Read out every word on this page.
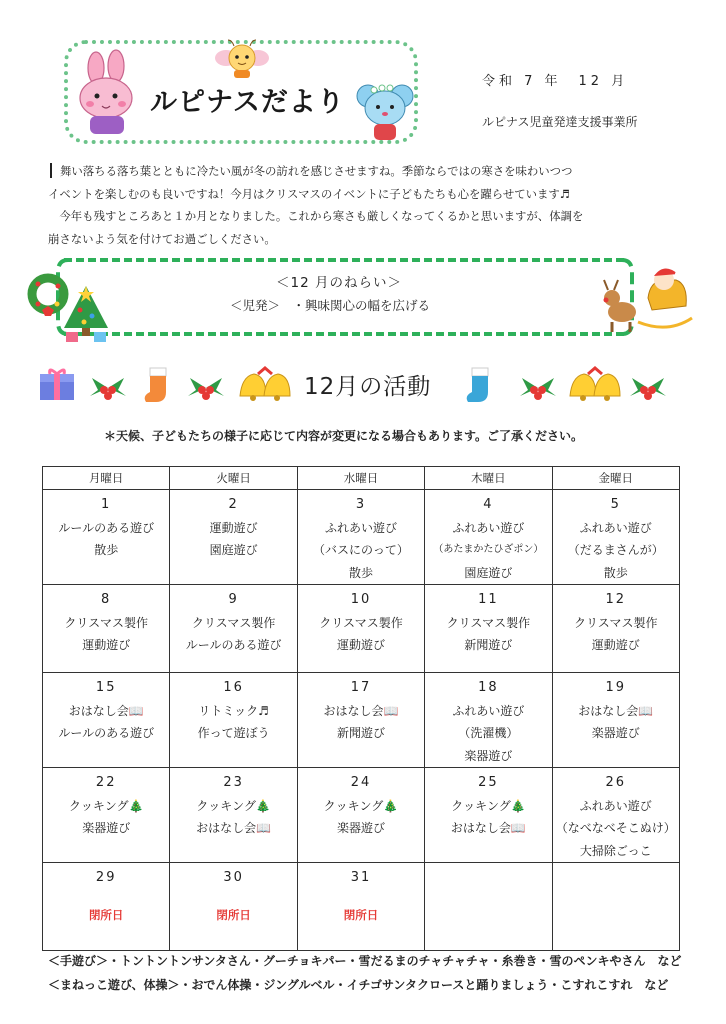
ルピナスだより
令和 7 年　12 月
ルピナス児童発達支援事業所

舞い落ちる落ち葉とともに冷たい風が冬の訪れを感じさせますね。季節ならではの寒さを味わいつつ

イベントを楽しむのも良いですね！今月はクリスマスのイベントに子どもたちも心を躍らせています♬

　今年も残すところあと１か月となりました。これから寒さも厳しくなってくるかと思いますが、体調を

崩さないよう気を付けてお過ごしください。

＜12 月のねらい＞
＜児発＞　・興味関心の幅を広げる
12月の活動
＊天候、子どもたちの様子に応じて内容が変更になる場合もあります。ご了承ください。
月曜日	火曜日	水曜日	木曜日	金曜日

1
ルールのある遊び
散歩	2
運動遊び
園庭遊び	3
ふれあい遊び
（バスにのって）
散歩	4
ふれあい遊び
（あたまかたひざポン）
園庭遊び	5
ふれあい遊び
（だるまさんが）
散歩

8
クリスマス製作
運動遊び	9
クリスマス製作
ルールのある遊び	10
クリスマス製作
運動遊び	11
クリスマス製作
新聞遊び	12
クリスマス製作
運動遊び

15
おはなし会📖
ルールのある遊び	16
リトミック♬
作って遊ぼう	17
おはなし会📖
新聞遊び	18
ふれあい遊び
（洗濯機）
楽器遊び	19
おはなし会📖
楽器遊び

22
クッキング🎄
楽器遊び	23
クッキング🎄
おはなし会📖	24
クッキング🎄
楽器遊び	25
クッキング🎄
おはなし会📖	26
ふれあい遊び
（なべなべそこぬけ）
大掃除ごっこ

29
閉所日	30
閉所日	31
閉所日		

＜手遊び＞・トントントンサンタさん・グーチョキパー・雪だるまのチャチャチャ・糸巻き・雪のペンキやさん　など
＜まねっこ遊び、体操＞・おでん体操・ジングルベル・イチゴサンタクロースと踊りましょう・こすれこすれ　など
